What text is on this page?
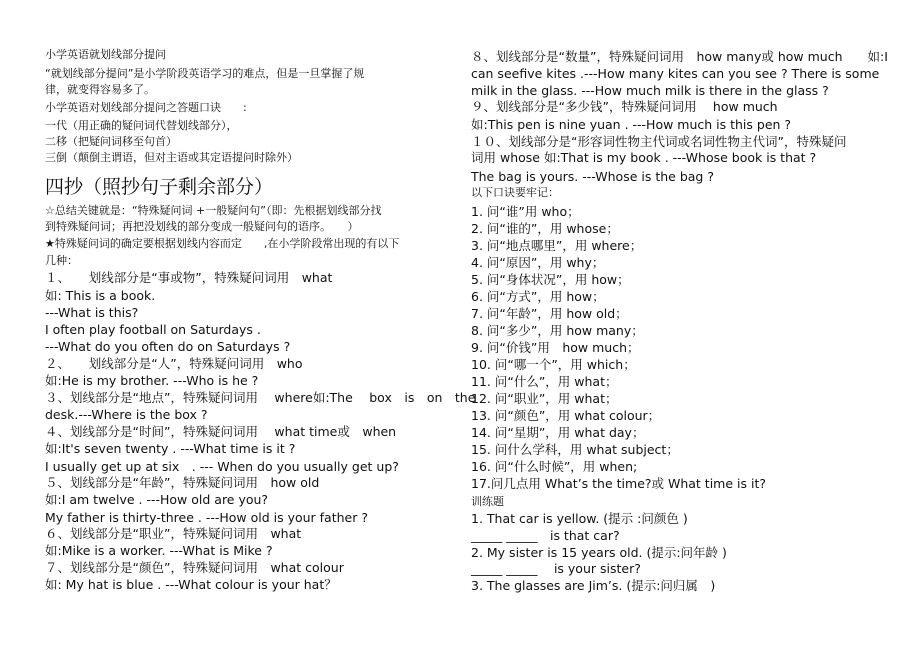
小学英语就划线部分提问
“就划线部分提问”是小学阶段英语学习的难点，但是一旦掌握了规
律，就变得容易多了。
小学英语对划线部分提问之答题口诀　　:
一代（用正确的疑问词代替划线部分），
二移（把疑问词移至句首）
三倒（颠倒主谓语，但对主语或其定语提问时除外）
四抄（照抄句子剩余部分）
☆总结关键就是：“特殊疑问词 +一般疑问句”（即：先根据划线部分找
到特殊疑问词；再把没划线的部分变成一般疑问句的语序。　　）
★特殊疑问词的确定要根据划线内容而定　　,在小学阶段常出现的有以下
几种：
１、　　划线部分是“事或物”，特殊疑问词用　what
如: This is a book.
---What is this?
I often play football on Saturdays .
---What do you often do on Saturdays ?
２、　　划线部分是“人”，特殊疑问词用　who
如:He is my brother. ---Who is he ?
３、划线部分是“地点”，特殊疑问词用　 where如:The　 box　is　on　the
desk.---Where is the box ?
４、划线部分是“时间”，特殊疑问词用　 what time或　when
如:It's seven twenty . ---What time is it ?
I usually get up at six　. --- When do you usually get up?
５、划线部分是“年龄”，特殊疑问词用　how old
如:I am twelve . ---How old are you?
My father is thirty-three . ---How old is your father ?
６、划线部分是“职业”，特殊疑问词用　what
如:Mike is a worker. ---What is Mike ?
７、划线部分是“颜色”，特殊疑问词用　what colour
如: My hat is blue . ---What colour is your hat？
８、划线部分是“数量”，特殊疑问词用　how many或 how much　　如:I
can seefive kites .---How many kites can you see ? There is some
milk in the glass. ---How much milk is there in the glass ?
９、划线部分是“多少钱”，特殊疑问词用　 how much
如:This pen is nine yuan . ---How much is this pen ?
１０、划线部分是“形容词性物主代词或名词性物主代词”，特殊疑问
词用 whose 如:That is my book . ---Whose book is that ?
The bag is yours. ---Whose is the bag ?
以下口诀要牢记：
1. 问“谁”用 who；
2. 问“谁的”，用 whose；
3. 问“地点哪里”，用 where；
4. 问“原因”，用 why；
5. 问“身体状况”，用 how；
6. 问“方式”，用 how；
7. 问“年龄”，用 how old；
8. 问“多少”，用 how many；
9. 问“价钱”用　how much；
10. 问“哪一个”，用 which；
11. 问“什么”，用 what；
12. 问“职业”，用 what；
13. 问“颜色”，用 what colour；
14. 问“星期”，用 what day；
15. 问什么学科，用 what subject；
16. 问“什么时候”，用 when;
17.问几点用 What’s the time?或 What time is it?
训练题
1. That car is yellow. (提示 :问颜色 )
_____ _____　is that car?
2. My sister is 15 years old. (提示:问年龄 )
_____ _____　 is your sister?
3. The glasses are Jim’s. (提示:问归属　)
